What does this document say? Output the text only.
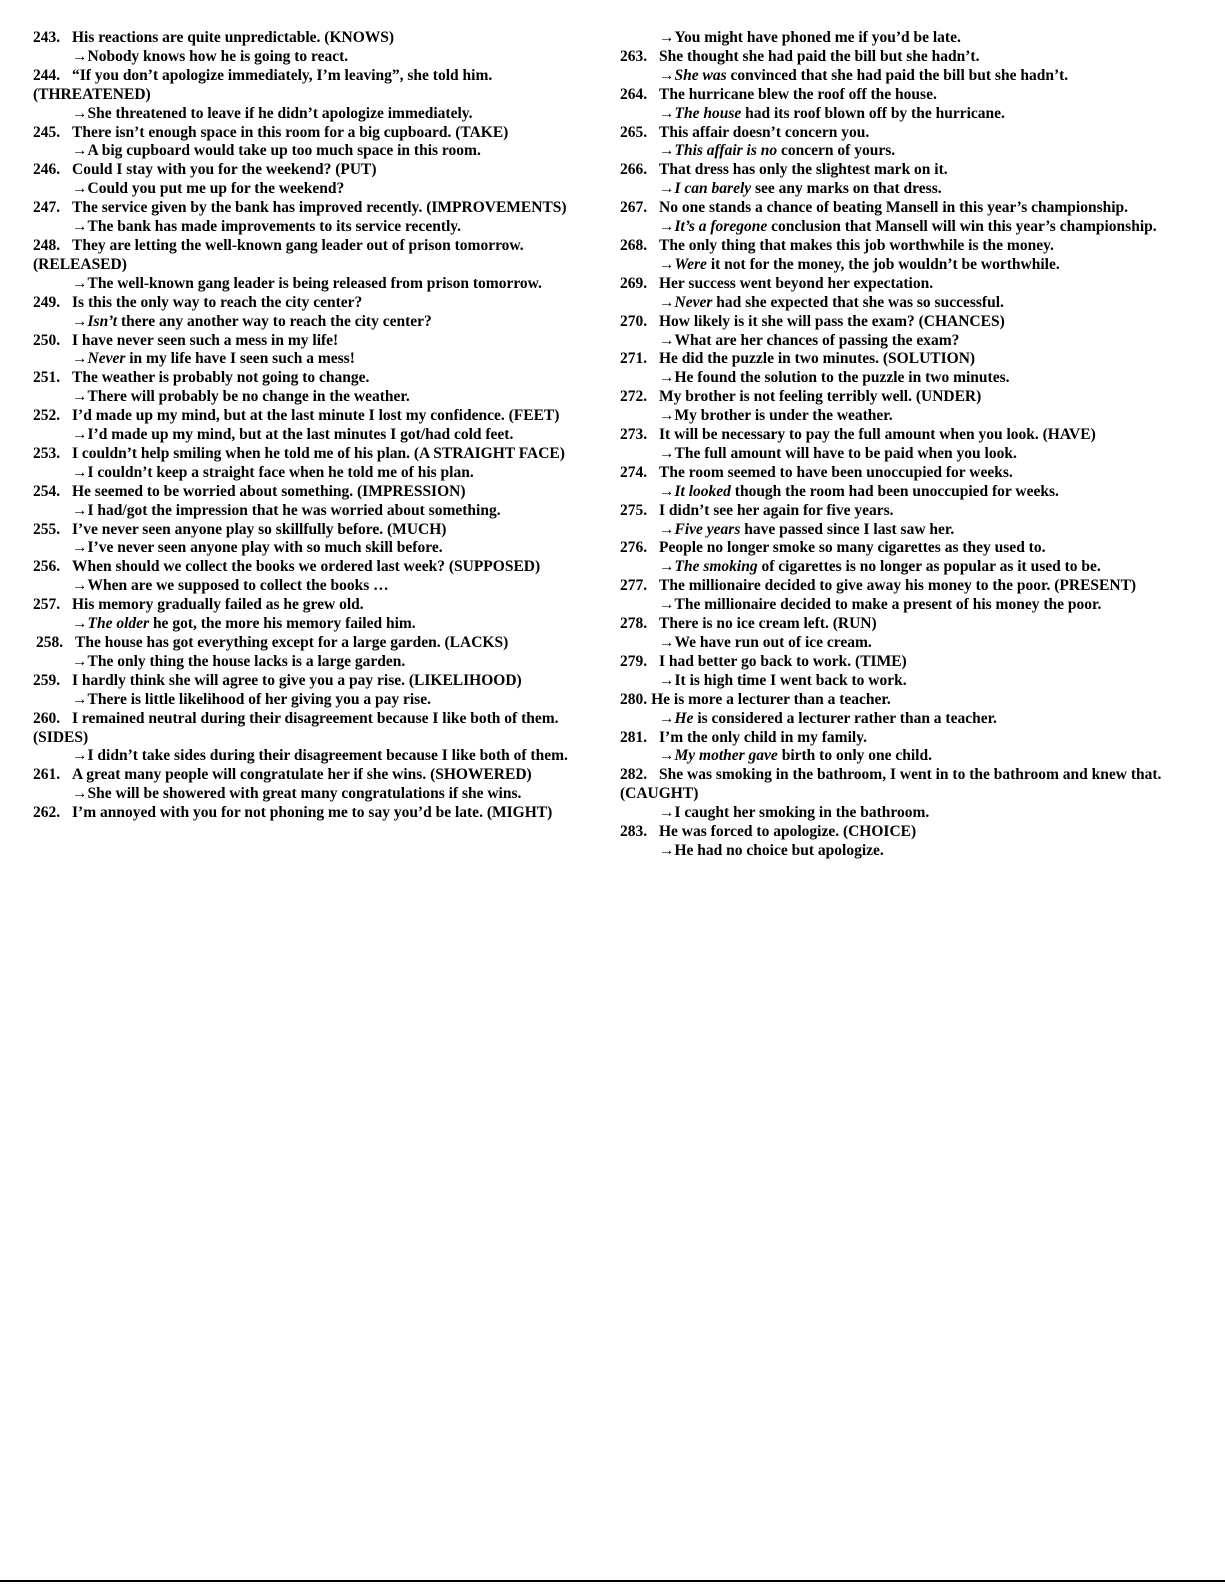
243. His reactions are quite unpredictable. (KNOWS)
→Nobody knows how he is going to react.
244. “If you don’t apologize immediately, I’m leaving”, she told him. (THREATENED)
→She threatened to leave if he didn’t apologize immediately.
245. There isn’t enough space in this room for a big cupboard. (TAKE)
→A big cupboard would take up too much space in this room.
246. Could I stay with you for the weekend? (PUT)
→Could you put me up for the weekend?
247. The service given by the bank has improved recently. (IMPROVEMENTS)
→The bank has made improvements to its service recently.
248. They are letting the well-known gang leader out of prison tomorrow. (RELEASED)
→The well-known gang leader is being released from prison tomorrow.
249. Is this the only way to reach the city center?
→Isn’t there any another way to reach the city center?
250. I have never seen such a mess in my life!
→Never in my life have I seen such a mess!
251. The weather is probably not going to change.
→There will probably be no change in the weather.
252. I’d made up my mind, but at the last minute I lost my confidence. (FEET)
→I’d made up my mind, but at the last minutes I got/had cold feet.
253. I couldn’t help smiling when he told me of his plan. (A STRAIGHT FACE)
→I couldn’t keep a straight face when he told me of his plan.
254. He seemed to be worried about something. (IMPRESSION)
→I had/got the impression that he was worried about something.
255. I’ve never seen anyone play so skillfully before. (MUCH)
→I’ve never seen anyone play with so much skill before.
256. When should we collect the books we ordered last week? (SUPPOSED)
→When are we supposed to collect the books …
257. His memory gradually failed as he grew old.
→The older he got, the more his memory failed him.
258. The house has got everything except for a large garden. (LACKS)
→The only thing the house lacks is a large garden.
259. I hardly think she will agree to give you a pay rise. (LIKELIHOOD)
→There is little likelihood of her giving you a pay rise.
260. I remained neutral during their disagreement because I like both of them. (SIDES)
→I didn’t take sides during their disagreement because I like both of them.
261. A great many people will congratulate her if she wins. (SHOWERED)
→She will be showered with great many congratulations if she wins.
262. I’m annoyed with you for not phoning me to say you’d be late. (MIGHT)
→You might have phoned me if you’d be late.
263. She thought she had paid the bill but she hadn’t.
→She was convinced that she had paid the bill but she hadn’t.
264. The hurricane blew the roof off the house.
→The house had its roof blown off by the hurricane.
265. This affair doesn’t concern you.
→This affair is no concern of yours.
266. That dress has only the slightest mark on it.
→I can barely see any marks on that dress.
267. No one stands a chance of beating Mansell in this year’s championship.
→It’s a foregone conclusion that Mansell will win this year’s championship.
268. The only thing that makes this job worthwhile is the money.
→Were it not for the money, the job wouldn’t be worthwhile.
269. Her success went beyond her expectation.
→Never had she expected that she was so successful.
270. How likely is it she will pass the exam? (CHANCES)
→What are her chances of passing the exam?
271. He did the puzzle in two minutes. (SOLUTION)
→He found the solution to the puzzle in two minutes.
272. My brother is not feeling terribly well. (UNDER)
→My brother is under the weather.
273. It will be necessary to pay the full amount when you look. (HAVE)
→The full amount will have to be paid when you look.
274. The room seemed to have been unoccupied for weeks.
→It looked though the room had been unoccupied for weeks.
275. I didn’t see her again for five years.
→Five years have passed since I last saw her.
276. People no longer smoke so many cigarettes as they used to.
→The smoking of cigarettes is no longer as popular as it used to be.
277. The millionaire decided to give away his money to the poor. (PRESENT)
→The millionaire decided to make a present of his money the poor.
278. There is no ice cream left. (RUN)
→We have run out of ice cream.
279. I had better go back to work. (TIME)
→It is high time I went back to work.
280. He is more a lecturer than a teacher.
→He is considered a lecturer rather than a teacher.
281. I’m the only child in my family.
→My mother gave birth to only one child.
282. She was smoking in the bathroom, I went in to the bathroom and knew that. (CAUGHT)
→I caught her smoking in the bathroom.
283. He was forced to apologize. (CHOICE)
→He had no choice but apologize.
